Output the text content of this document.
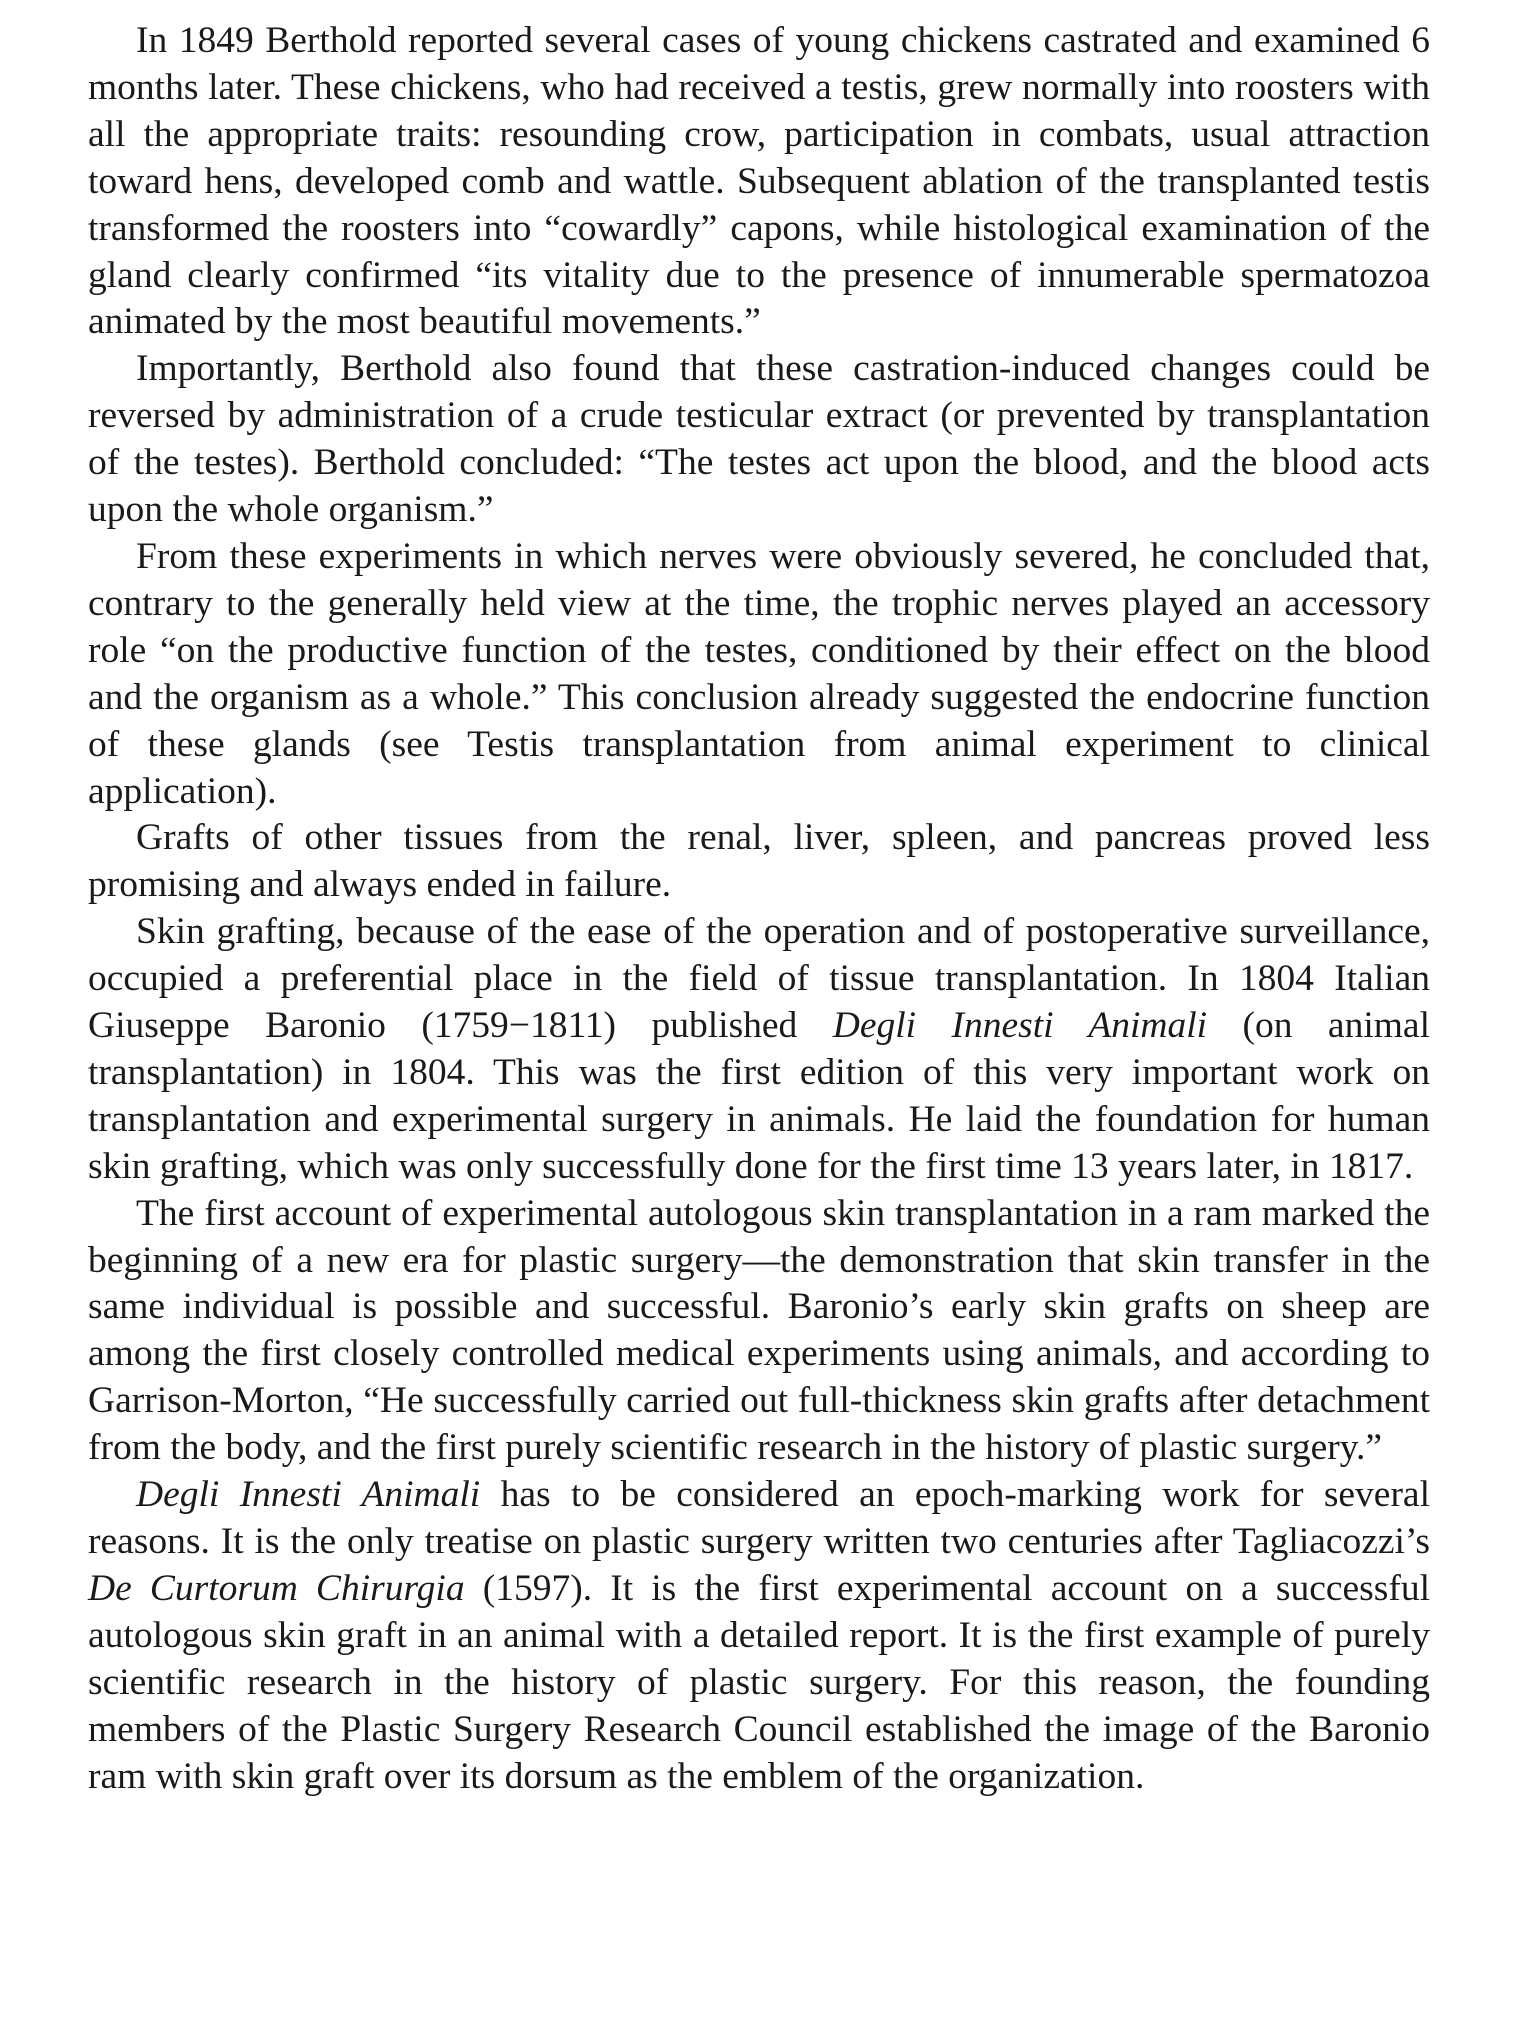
In 1849 Berthold reported several cases of young chickens castrated and examined 6 months later. These chickens, who had received a testis, grew normally into roosters with all the appropriate traits: resounding crow, participation in combats, usual attraction toward hens, developed comb and wattle. Subsequent ablation of the transplanted testis transformed the roosters into “cowardly” capons, while histological examination of the gland clearly confirmed “its vitality due to the presence of innumerable spermatozoa animated by the most beautiful movements.”

Importantly, Berthold also found that these castration-induced changes could be reversed by administration of a crude testicular extract (or prevented by transplantation of the testes). Berthold concluded: “The testes act upon the blood, and the blood acts upon the whole organism.”

From these experiments in which nerves were obviously severed, he concluded that, contrary to the generally held view at the time, the trophic nerves played an accessory role “on the productive function of the testes, conditioned by their effect on the blood and the organism as a whole.” This conclusion already suggested the endocrine function of these glands (see Testis transplantation from animal experiment to clinical application).

Grafts of other tissues from the renal, liver, spleen, and pancreas proved less promising and always ended in failure.

Skin grafting, because of the ease of the operation and of postoperative surveillance, occupied a preferential place in the field of tissue transplantation. In 1804 Italian Giuseppe Baronio (1759−1811) published Degli Innesti Animali (on animal transplantation) in 1804. This was the first edition of this very important work on transplantation and experimental surgery in animals. He laid the foundation for human skin grafting, which was only successfully done for the first time 13 years later, in 1817.

The first account of experimental autologous skin transplantation in a ram marked the beginning of a new era for plastic surgery—the demonstration that skin transfer in the same individual is possible and successful. Baronio’s early skin grafts on sheep are among the first closely controlled medical experiments using animals, and according to Garrison-Morton, “He successfully carried out full-thickness skin grafts after detachment from the body, and the first purely scientific research in the history of plastic surgery.”

Degli Innesti Animali has to be considered an epoch-marking work for several reasons. It is the only treatise on plastic surgery written two centuries after Tagliacozzi’s De Curtorum Chirurgia (1597). It is the first experimental account on a successful autologous skin graft in an animal with a detailed report. It is the first example of purely scientific research in the history of plastic surgery. For this reason, the founding members of the Plastic Surgery Research Council established the image of the Baronio ram with skin graft over its dorsum as the emblem of the organization.
